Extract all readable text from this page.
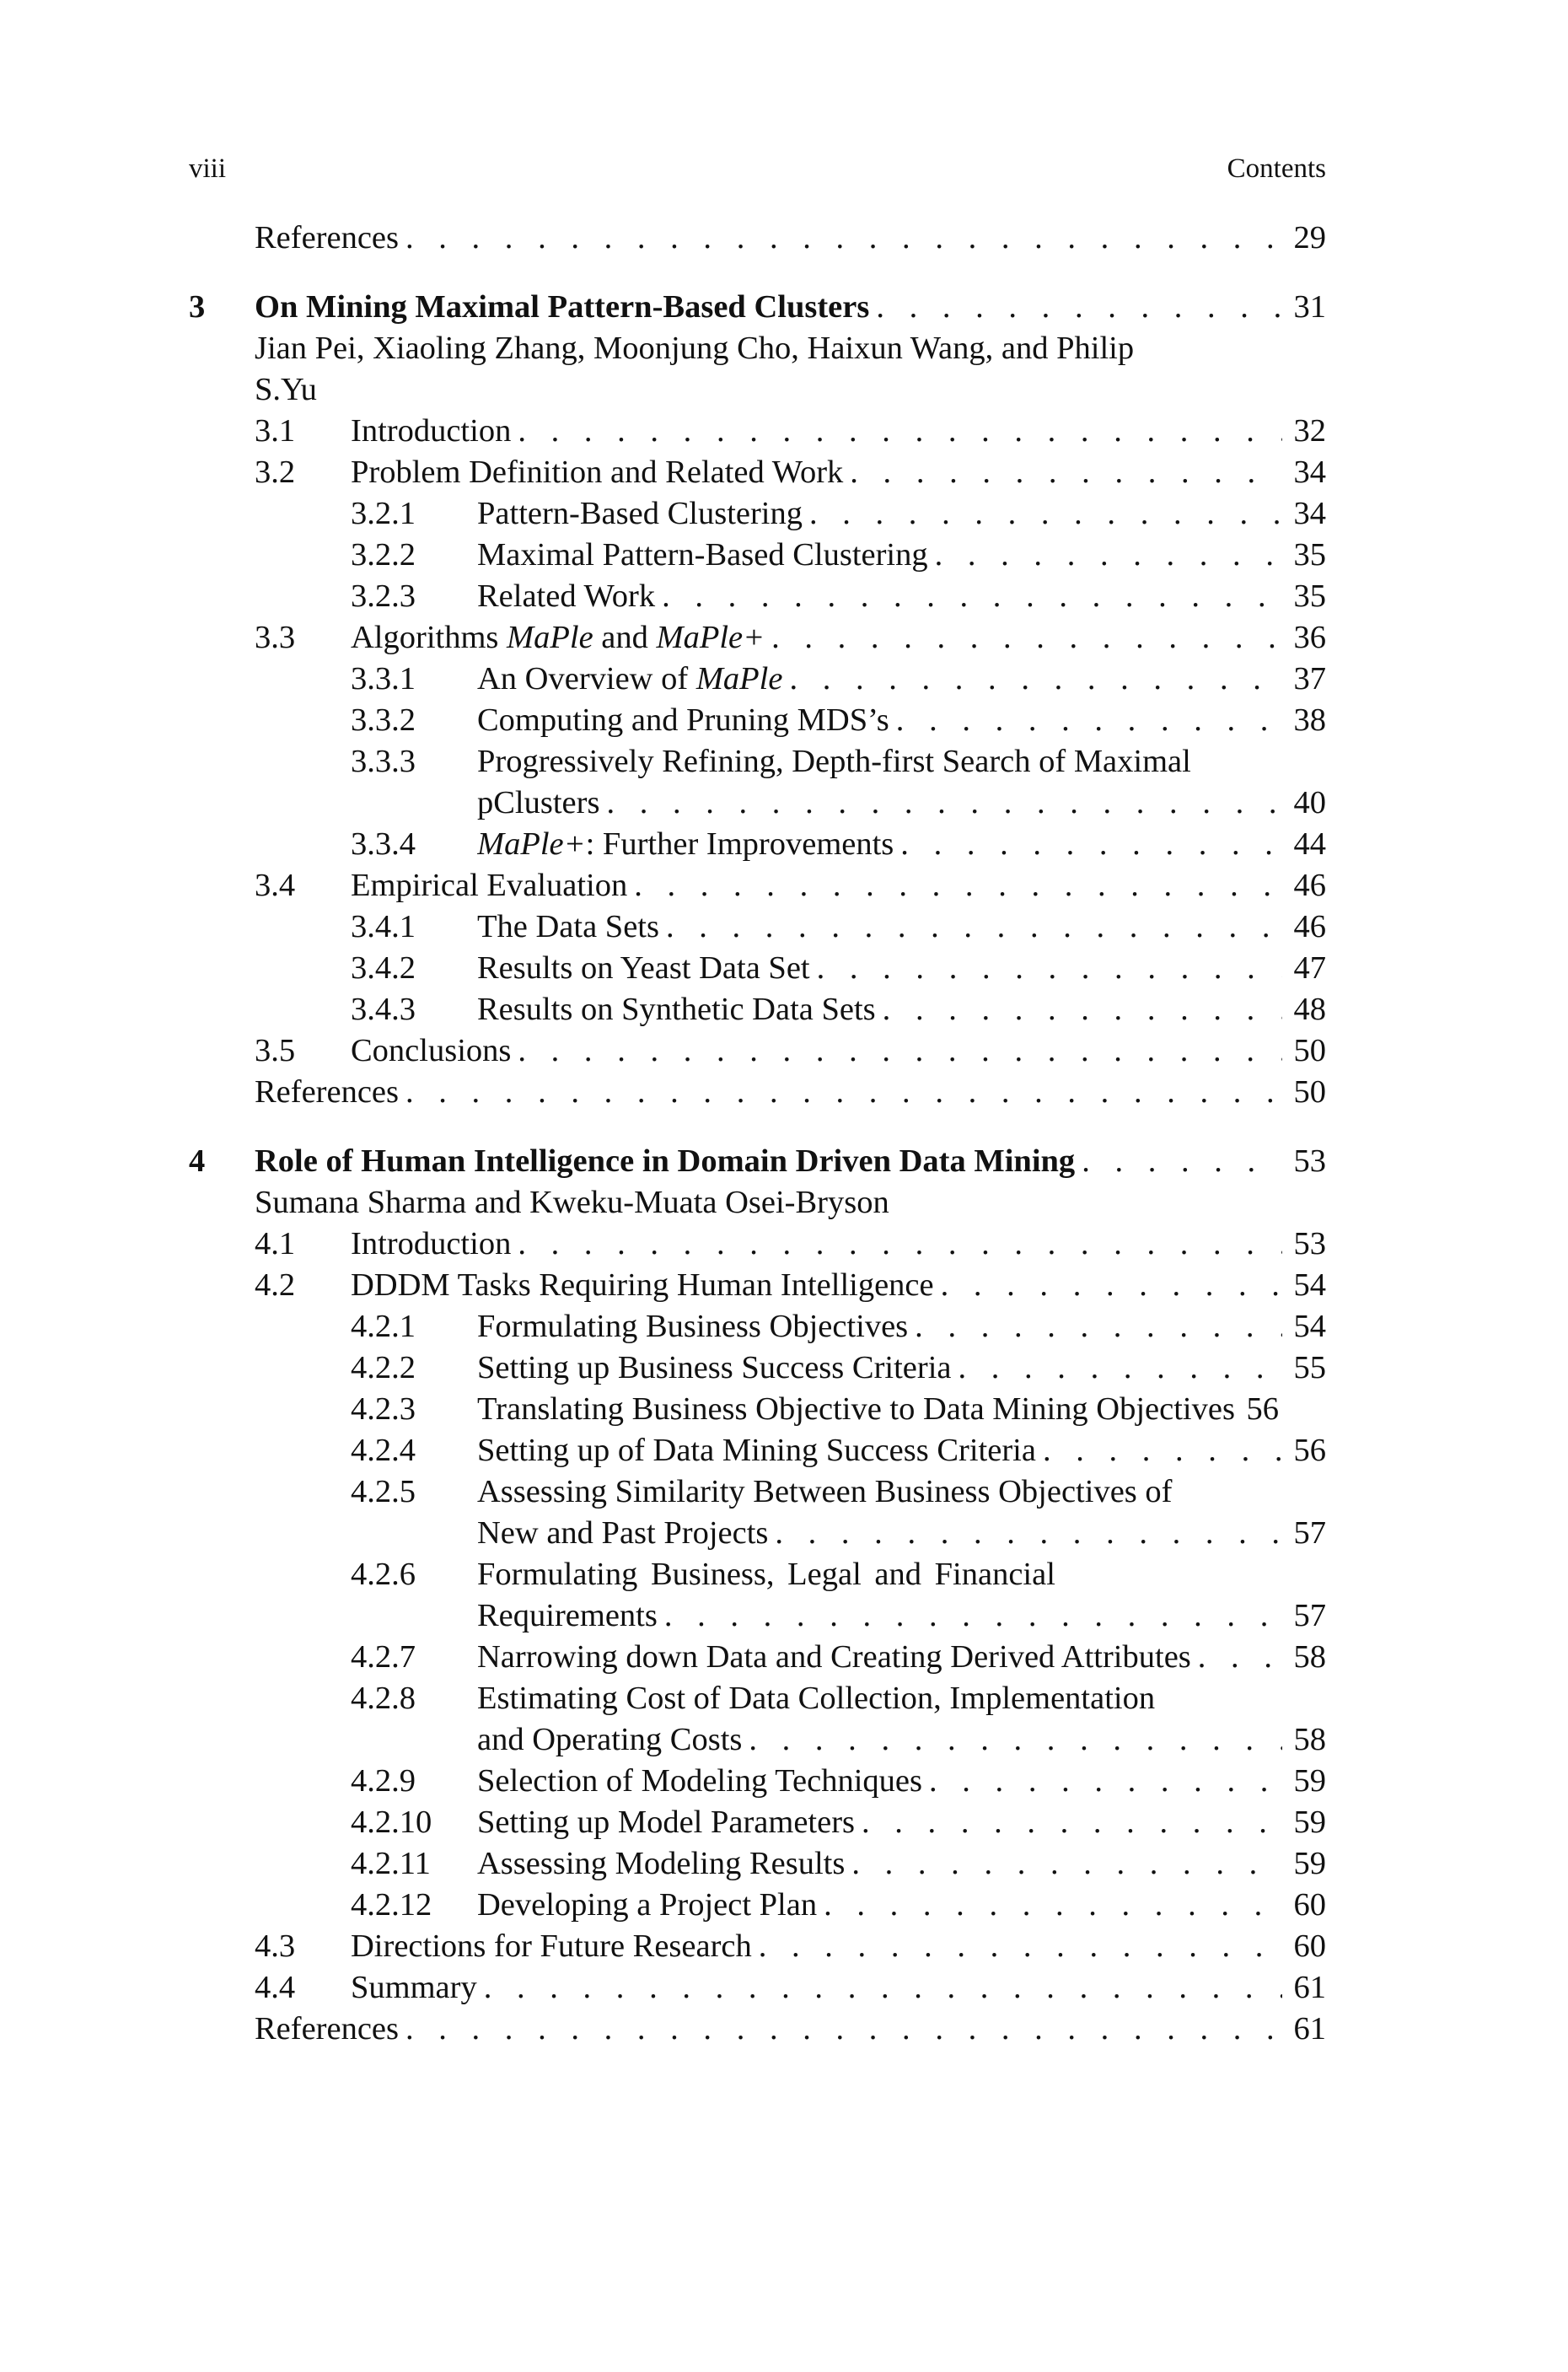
viii	Contents
References . . .	29
3 On Mining Maximal Pattern-Based Clusters . . .	31
Jian Pei, Xiaoling Zhang, Moonjung Cho, Haixun Wang, and Philip
S.Yu
3.1 Introduction . . .	32
3.2 Problem Definition and Related Work . . .	34
3.2.1 Pattern-Based Clustering . . .	34
3.2.2 Maximal Pattern-Based Clustering . . .	35
3.2.3 Related Work . . .	35
3.3 Algorithms MaPle and MaPle+ . . .	36
3.3.1 An Overview of MaPle . . .	37
3.3.2 Computing and Pruning MDS’s . . .	38
3.3.3 Progressively Refining, Depth-first Search of Maximal
pClusters . . .	40
3.3.4 MaPle+: Further Improvements . . .	44
3.4 Empirical Evaluation . . .	46
3.4.1 The Data Sets . . .	46
3.4.2 Results on Yeast Data Set . . .	47
3.4.3 Results on Synthetic Data Sets . . .	48
3.5 Conclusions . . .	50
References . . .	50
4 Role of Human Intelligence in Domain Driven Data Mining . . .	53
Sumana Sharma and Kweku-Muata Osei-Bryson
4.1 Introduction . . .	53
4.2 DDDM Tasks Requiring Human Intelligence . . .	54
4.2.1 Formulating Business Objectives . . .	54
4.2.2 Setting up Business Success Criteria . . .	55
4.2.3 Translating Business Objective to Data Mining Objectives 56
4.2.4 Setting up of Data Mining Success Criteria . . .	56
4.2.5 Assessing Similarity Between Business Objectives of
New and Past Projects . . .	57
4.2.6 Formulating Business, Legal and Financial
Requirements . . .	57
4.2.7 Narrowing down Data and Creating Derived Attributes . . .	58
4.2.8 Estimating Cost of Data Collection, Implementation
and Operating Costs . . .	58
4.2.9 Selection of Modeling Techniques . . .	59
4.2.10 Setting up Model Parameters . . .	59
4.2.11 Assessing Modeling Results . . .	59
4.2.12 Developing a Project Plan . . .	60
4.3 Directions for Future Research . . .	60
4.4 Summary . . .	61
References . . .	61
